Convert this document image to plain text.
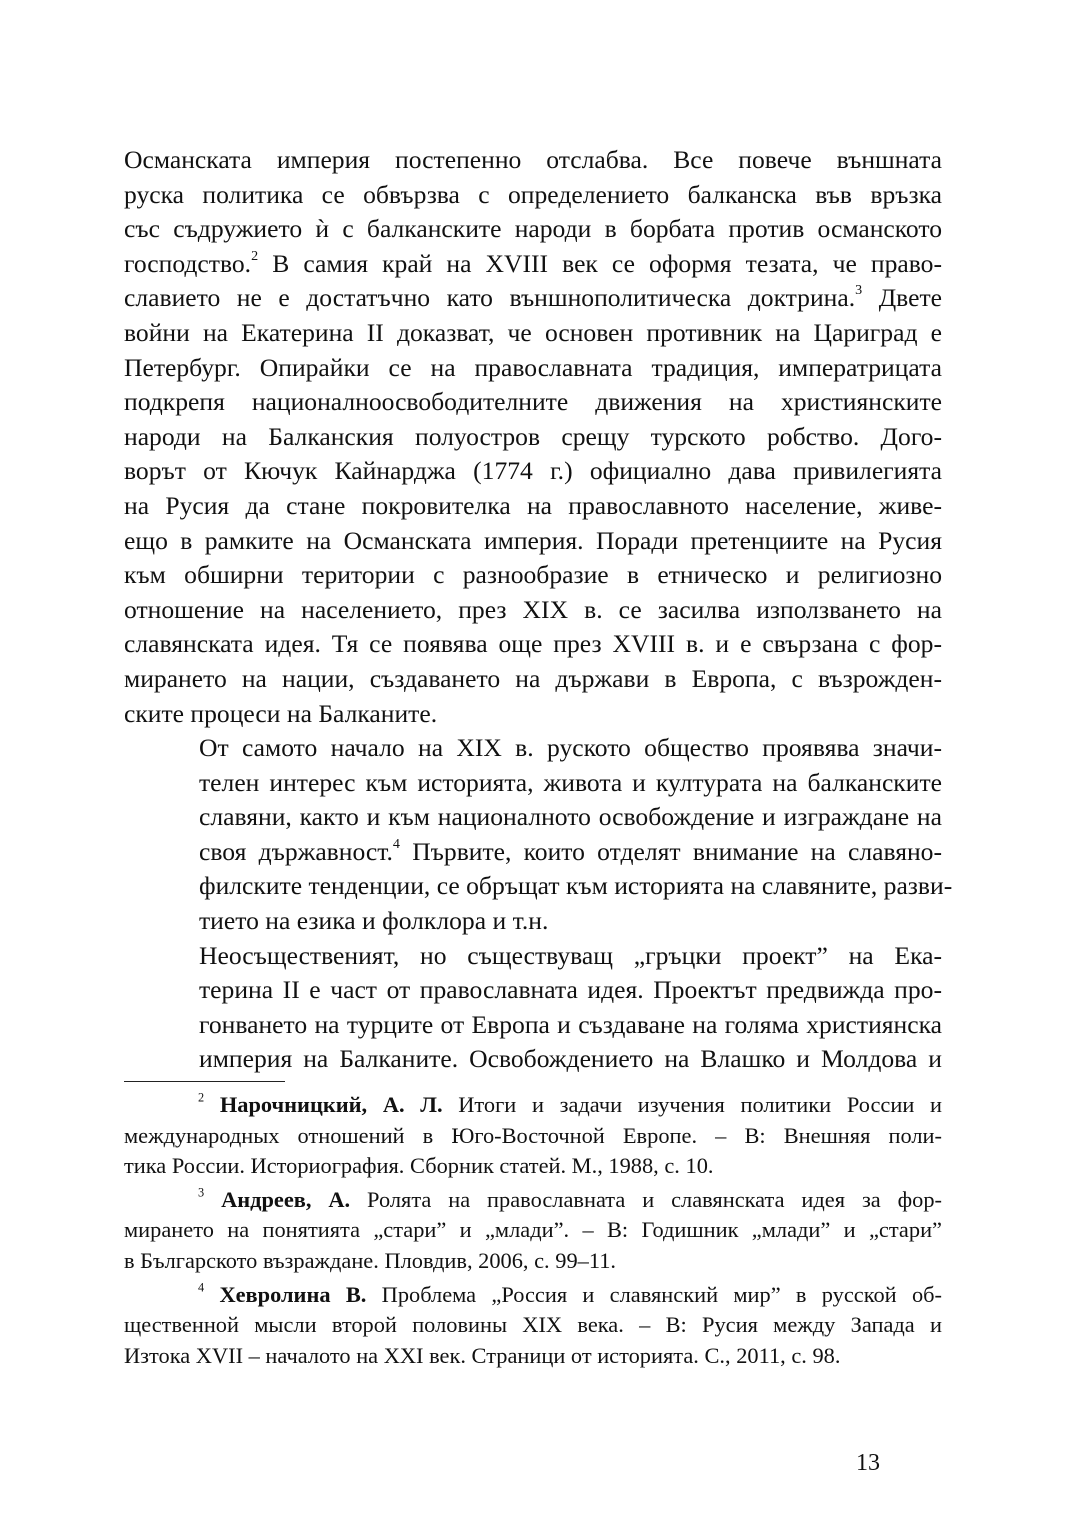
Османската империя постепенно отслабва. Все повече външната
руска политика се обвързва с определението балканска във връзка
със съдружието ѝ с балканските народи в борбата против османското
господство.$^2$ В самия край на XVIII век се оформя тезата, че право-
славието не е достатъчно като външнополитическа доктрина.$^3$ Двете
войни на Екатерина II доказват, че основен противник на Цариград е
Петербург. Опирайки се на православната традиция, императрицата
подкрепя националноосвободителните движения на християнските
народи на Балканския полуостров срещу турското робство. Дого-
ворът от Кючук Кайнарджа (1774 г.) официално дава привилегията
на Русия да стане покровителка на православното население, живе-
ещо в рамките на Османската империя. Поради претенциите на Русия
към обширни територии с разнообразие в етническо и религиозно
отношение на населението, през XIX в. се засилва използването на
славянската идея. Тя се появява още през XVIII в. и е свързана с фор-
мирането на нации, създаването на държави в Европа, с възрожден-
ските процеси на Балканите.

От самото начало на XIX в. руското общество проявява значи-
телен интерес към историята, живота и културата на балканските
славяни, както и към националното освобождение и изграждане на
своя държавност.$^4$ Първите, които отделят внимание на славяно-
филските тенденции, се обръщат към историята на славяните, разви-
тието на езика и фолклора и т.н.

Неосъщественият, но съществуващ „гръцки проект” на Ека-
терина II е част от православната идея. Проектът предвижда про-
гонването на турците от Европа и създаване на голяма християнска
империя на Балканите. Освобождението на Влашко и Молдова и

$^2$ Нарочницкий, А. Л. Итоги и задачи изучения политики России и
международных отношений в Юго-Восточной Европе. – В: Внешняя поли-
тика России. Историография. Сборник статей. М., 1988, с. 10.
$^3$ Андреев, А. Ролята на православната и славянската идея за фор-
мирането на понятията „стари” и „млади”. – В: Годишник „млади” и „стари”
в Българското възраждане. Пловдив, 2006, с. 99–11.
$^4$ Хевролина В. Проблема „Россия и славянский мир” в русской об-
щественной мысли второй половины XIX века. – В: Русия между Запада и
Изтока XVII – началото на XXI век. Страници от историята. С., 2011, с. 98.
13
